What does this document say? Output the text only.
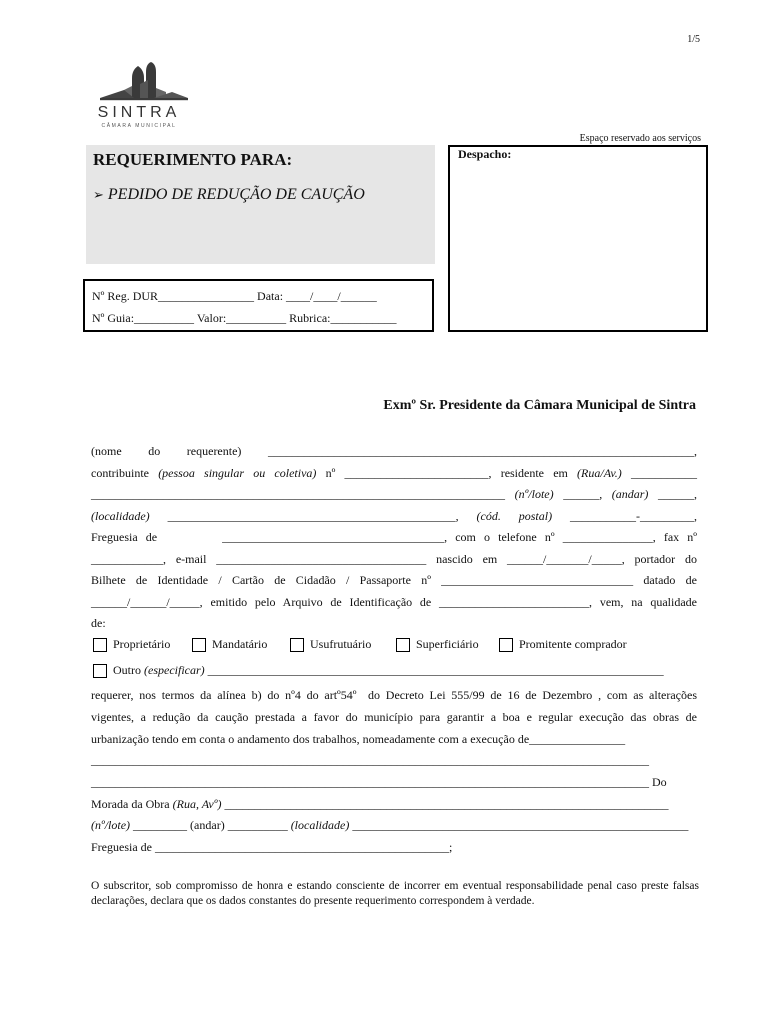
1/5
SINTRA
CÂMARA MUNICIPAL
Espaço reservado aos serviços
REQUERIMENTO PARA:
➢ PEDIDO DE REDUÇÃO DE CAUÇÃO
Despacho:
Nº Reg. DUR________________ Data: ____/____/______
Nº Guia:__________ Valor:__________ Rubrica:___________
Exmº Sr. Presidente da Câmara Municipal de Sintra
(nome do requerente) _______________________________________________________________________,
contribuinte (pessoa singular ou coletiva) nº ________________________, residente em (Rua/Av.) ___________
_____________________________________________________________________ (nº/lote) ______, (andar) ______,
(localidade) ________________________________________________, (cód. postal) ___________-_________,
Freguesia de        _____________________________________, com o telefone nº _______________, fax nº
____________, e-mail ___________________________________ nascido em ______/_______/_____, portador do
Bilhete de Identidade / Cartão de Cidadão / Passaporte nº ________________________________ datado de
______/______/_____, emitido pelo Arquivo de Identificação de _________________________, vem, na qualidade
de:
Proprietário	Mandatário	Usufrutuário	Superficiário	Promitente comprador
Outro
(especificar) ____________________________________________________________________________
requerer, nos termos da alínea b) do nº4 do artº54º  do Decreto Lei 555/99 de 16 de Dezembro , com as alterações
vigentes, a redução da caução prestada a favor do município para garantir a boa e regular execução das obras de
urbanização tendo em conta o andamento dos trabalhos, nomeadamente com a execução de________________
_____________________________________________________________________________________________
_____________________________________________________________________________________________ Do
Morada da Obra (Rua, Avº) __________________________________________________________________________
(nº/lote) _________ (andar) __________ (localidade) ________________________________________________________
Freguesia de _________________________________________________;
O subscritor, sob compromisso de honra e estando consciente de incorrer em eventual responsabilidade penal caso preste falsas declarações, declara que os dados constantes do presente requerimento correspondem à verdade.
